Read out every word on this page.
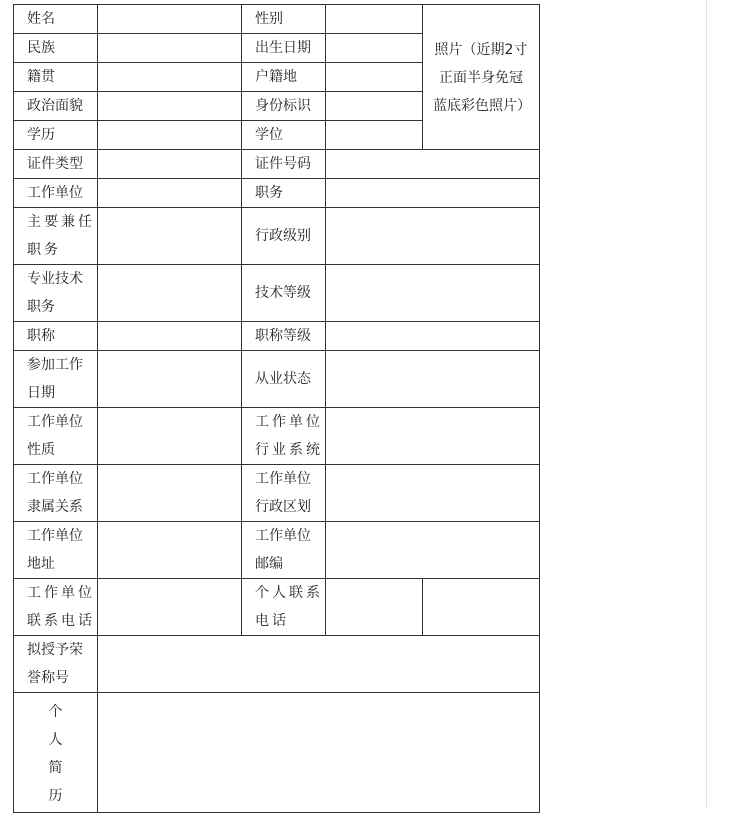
姓名		性别		照片（近期2寸正面半身免冠蓝底彩色照片）

民族		出生日期		
籍贯		户籍地		
政治面貌		身份标识		
学历		学位		
证件类型		证件号码		
工作单位		职务		

主要兼任职务		行政级别		

专业技术职务		技术等级		
职称		职称等级		

参加工作日期		从业状态		

工作单位性质		工作单位行业系统		

工作单位隶属关系		工作单位行政区划		

工作单位地址		工作单位邮编		

工作单位联系电话		个人联系电话		

拟授予荣誉称号				

个人简历				
